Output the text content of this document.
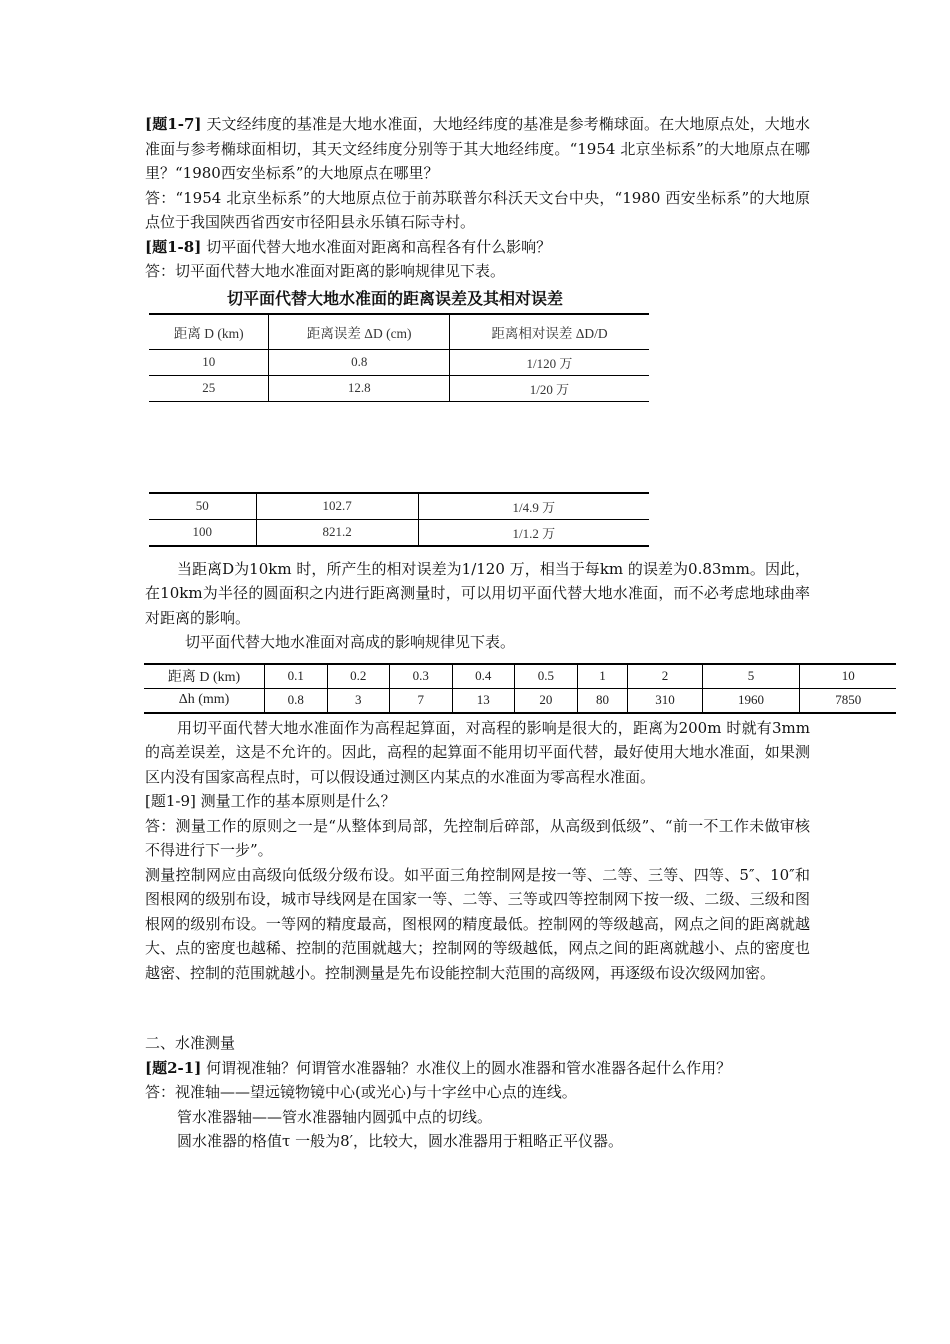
[题1-7] 天文经纬度的基准是大地水准面，大地经纬度的基准是参考椭球面。在大地原点处，大地水准面与参考椭球面相切，其天文经纬度分别等于其大地经纬度。“1954 北京坐标系”的大地原点在哪里？“1980西安坐标系”的大地原点在哪里？

答：“1954 北京坐标系”的大地原点位于前苏联普尔科沃天文台中央，“1980 西安坐标系”的大地原点位于我国陕西省西安市径阳县永乐镇石际寺村。

[题1-8] 切平面代替大地水准面对距离和高程各有什么影响？

答：切平面代替大地水准面对距离的影响规律见下表。

切平面代替大地水准面的距离误差及其相对误差
距离 D (km)	距离误差 ΔD (cm)	距离相对误差 ΔD/D
10	0.8	1/120 万
25	12.8	1/20 万
50	102.7	1/4.9 万
100	821.2	1/1.2 万

当距离D为10km 时，所产生的相对误差为1/120 万，相当于每km 的误差为0.83mm。因此，在10km为半径的圆面积之内进行距离测量时，可以用切平面代替大地水准面，而不必考虑地球曲率对距离的影响。

切平面代替大地水准面对高成的影响规律见下表。

距离 D (km)	0.1	0.2	0.3	0.4	0.5	1	2	5	10
Δh (mm)	0.8	3	7	13	20	80	310	1960	7850

用切平面代替大地水准面作为高程起算面，对高程的影响是很大的，距离为200m 时就有3mm 的高差误差，这是不允许的。因此，高程的起算面不能用切平面代替，最好使用大地水准面，如果测区内没有国家高程点时，可以假设通过测区内某点的水准面为零高程水准面。

[题1-9] 测量工作的基本原则是什么？

答：测量工作的原则之一是“从整体到局部，先控制后碎部，从高级到低级”、“前一不工作未做审核不得进行下一步”。

测量控制网应由高级向低级分级布设。如平面三角控制网是按一等、二等、三等、四等、5″、10″和图根网的级别布设，城市导线网是在国家一等、二等、三等或四等控制网下按一级、二级、三级和图根网的级别布设。一等网的精度最高，图根网的精度最低。控制网的等级越高，网点之间的距离就越大、点的密度也越稀、控制的范围就越大；控制网的等级越低，网点之间的距离就越小、点的密度也越密、控制的范围就越小。控制测量是先布设能控制大范围的高级网，再逐级布设次级网加密。

二、水准测量

[题2-1] 何谓视准轴？何谓管水准器轴？水准仪上的圆水准器和管水准器各起什么作用？

答：视准轴——望远镜物镜中心(或光心)与十字丝中心点的连线。

管水准器轴——管水准器轴内圆弧中点的切线。

圆水准器的格值τ 一般为8′，比较大，圆水准器用于粗略正平仪器。
